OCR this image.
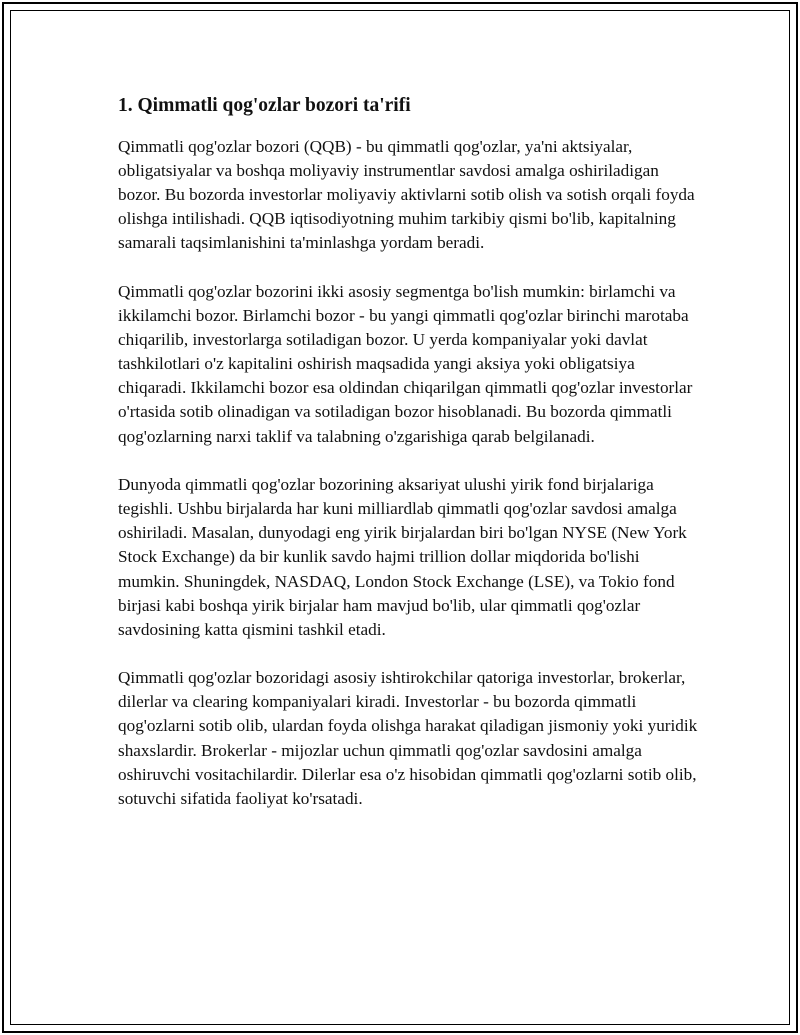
1. Qimmatli qog'ozlar bozori ta'rifi

Qimmatli qog'ozlar bozori (QQB) - bu qimmatli qog'ozlar, ya'ni aktsiyalar, obligatsiyalar va boshqa moliyaviy instrumentlar savdosi amalga oshiriladigan bozor. Bu bozorda investorlar moliyaviy aktivlarni sotib olish va sotish orqali foyda olishga intilishadi. QQB iqtisodiyotning muhim tarkibiy qismi bo'lib, kapitalning samarali taqsimlanishini ta'minlashga yordam beradi.

Qimmatli qog'ozlar bozorini ikki asosiy segmentga bo'lish mumkin: birlamchi va ikkilamchi bozor. Birlamchi bozor - bu yangi qimmatli qog'ozlar birinchi marotaba chiqarilib, investorlarga sotiladigan bozor. U yerda kompaniyalar yoki davlat tashkilotlari o'z kapitalini oshirish maqsadida yangi aksiya yoki obligatsiya chiqaradi. Ikkilamchi bozor esa oldindan chiqarilgan qimmatli qog'ozlar investorlar o'rtasida sotib olinadigan va sotiladigan bozor hisoblanadi. Bu bozorda qimmatli qog'ozlarning narxi taklif va talabning o'zgarishiga qarab belgilanadi.

Dunyoda qimmatli qog'ozlar bozorining aksariyat ulushi yirik fond birjalariga tegishli. Ushbu birjalarda har kuni milliardlab qimmatli qog'ozlar savdosi amalga oshiriladi. Masalan, dunyodagi eng yirik birjalardan biri bo'lgan NYSE (New York Stock Exchange) da bir kunlik savdo hajmi trillion dollar miqdorida bo'lishi mumkin. Shuningdek, NASDAQ, London Stock Exchange (LSE), va Tokio fond birjasi kabi boshqa yirik birjalar ham mavjud bo'lib, ular qimmatli qog'ozlar savdosining katta qismini tashkil etadi.

Qimmatli qog'ozlar bozoridagi asosiy ishtirokchilar qatoriga investorlar, brokerlar, dilerlar va clearing kompaniyalari kiradi. Investorlar - bu bozorda qimmatli qog'ozlarni sotib olib, ulardan foyda olishga harakat qiladigan jismoniy yoki yuridik shaxslardir. Brokerlar - mijozlar uchun qimmatli qog'ozlar savdosini amalga oshiruvchi vositachilardir. Dilerlar esa o'z hisobidan qimmatli qog'ozlarni sotib olib, sotuvchi sifatida faoliyat ko'rsatadi.
